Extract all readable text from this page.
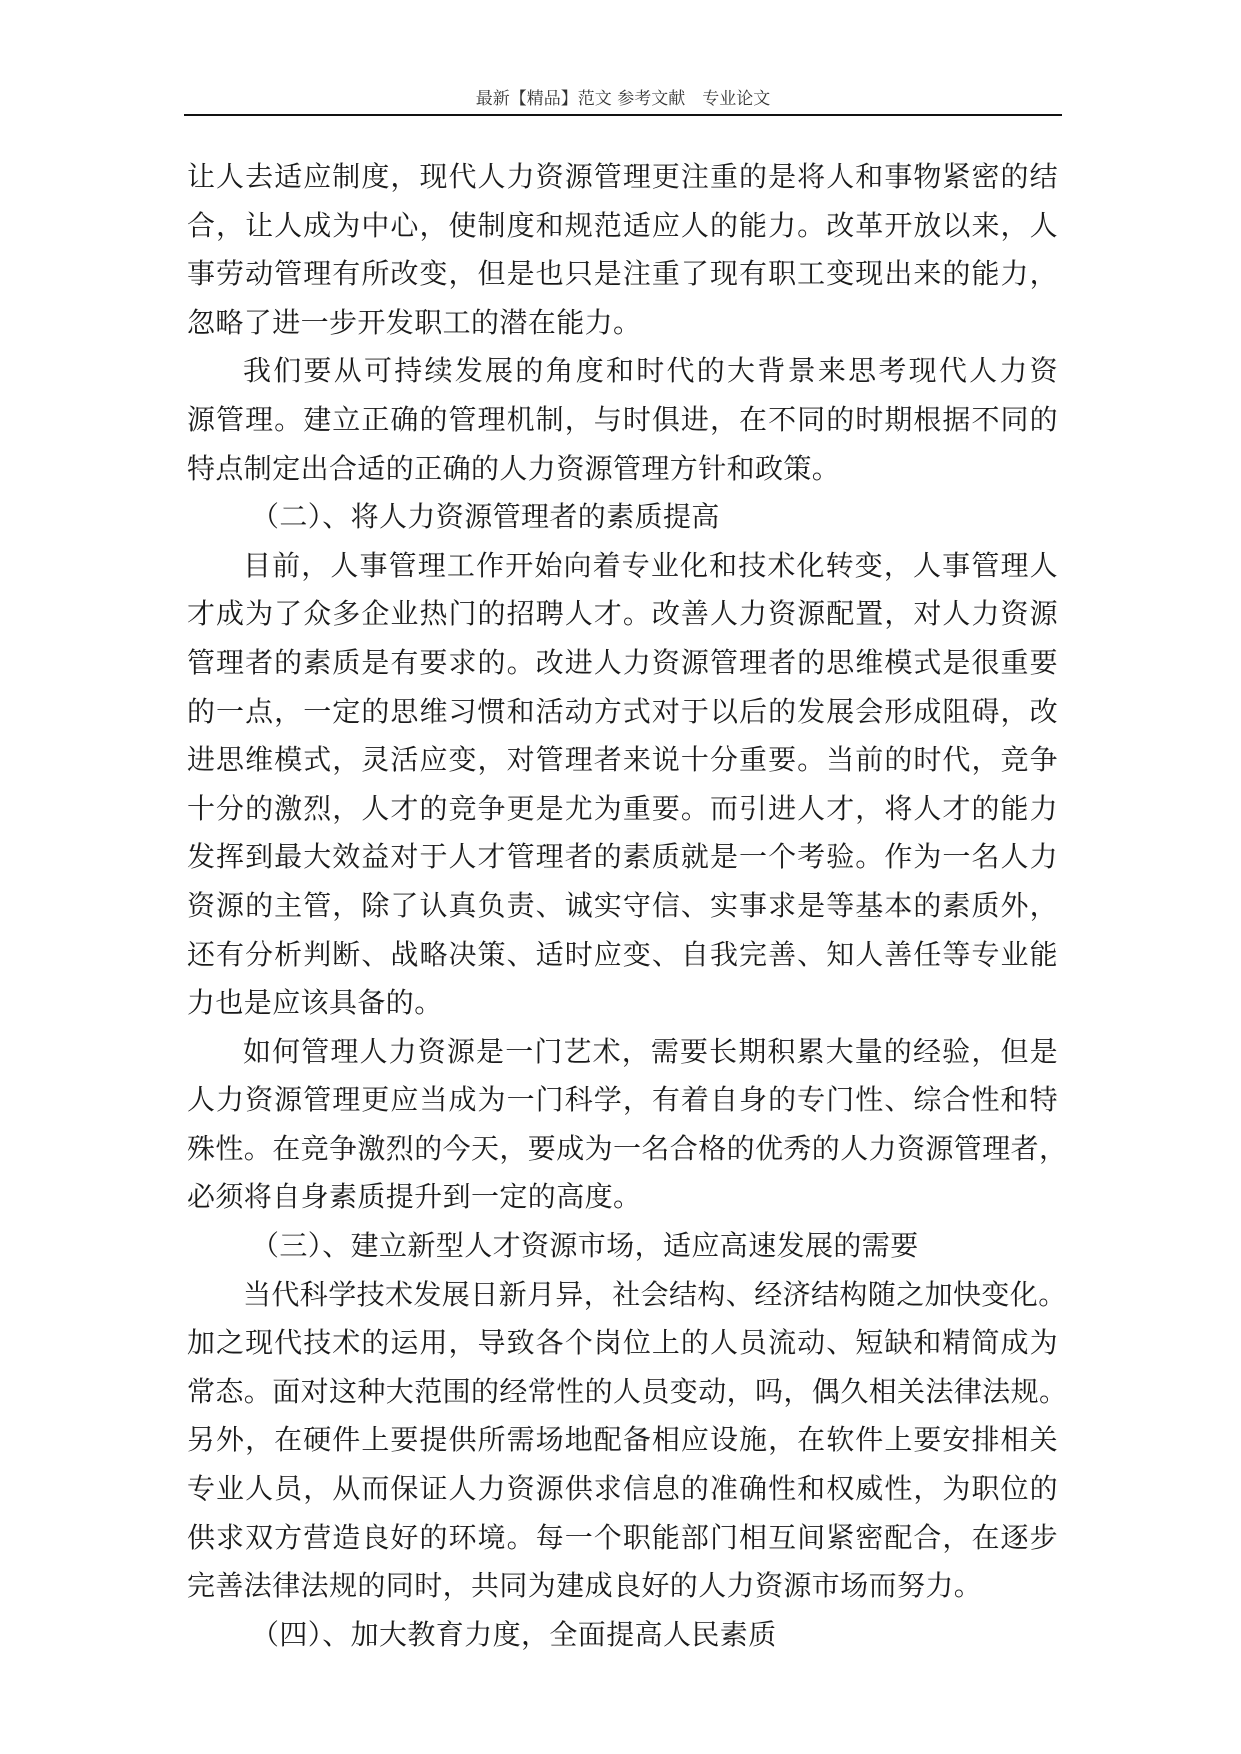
最新【精品】范文 参考文献　专业论文
让人去适应制度，现代人力资源管理更注重的是将人和事物紧密的结
合，让人成为中心，使制度和规范适应人的能力。改革开放以来，人
事劳动管理有所改变，但是也只是注重了现有职工变现出来的能力，
忽略了进一步开发职工的潜在能力。
我们要从可持续发展的角度和时代的大背景来思考现代人力资
源管理。建立正确的管理机制，与时俱进，在不同的时期根据不同的
特点制定出合适的正确的人力资源管理方针和政策。
（二）、将人力资源管理者的素质提高
目前，人事管理工作开始向着专业化和技术化转变，人事管理人
才成为了众多企业热门的招聘人才。改善人力资源配置，对人力资源
管理者的素质是有要求的。改进人力资源管理者的思维模式是很重要
的一点，一定的思维习惯和活动方式对于以后的发展会形成阻碍，改
进思维模式，灵活应变，对管理者来说十分重要。当前的时代，竞争
十分的激烈，人才的竞争更是尤为重要。而引进人才，将人才的能力
发挥到最大效益对于人才管理者的素质就是一个考验。作为一名人力
资源的主管，除了认真负责、诚实守信、实事求是等基本的素质外，
还有分析判断、战略决策、适时应变、自我完善、知人善任等专业能
力也是应该具备的。
如何管理人力资源是一门艺术，需要长期积累大量的经验，但是
人力资源管理更应当成为一门科学，有着自身的专门性、综合性和特
殊性。在竞争激烈的今天，要成为一名合格的优秀的人力资源管理者，
必须将自身素质提升到一定的高度。
（三）、建立新型人才资源市场，适应高速发展的需要
当代科学技术发展日新月异，社会结构、经济结构随之加快变化。
加之现代技术的运用，导致各个岗位上的人员流动、短缺和精简成为
常态。面对这种大范围的经常性的人员变动，吗，偶久相关法律法规。
另外，在硬件上要提供所需场地配备相应设施，在软件上要安排相关
专业人员，从而保证人力资源供求信息的准确性和权威性，为职位的
供求双方营造良好的环境。每一个职能部门相互间紧密配合，在逐步
完善法律法规的同时，共同为建成良好的人力资源市场而努力。
（四）、加大教育力度，全面提高人民素质
